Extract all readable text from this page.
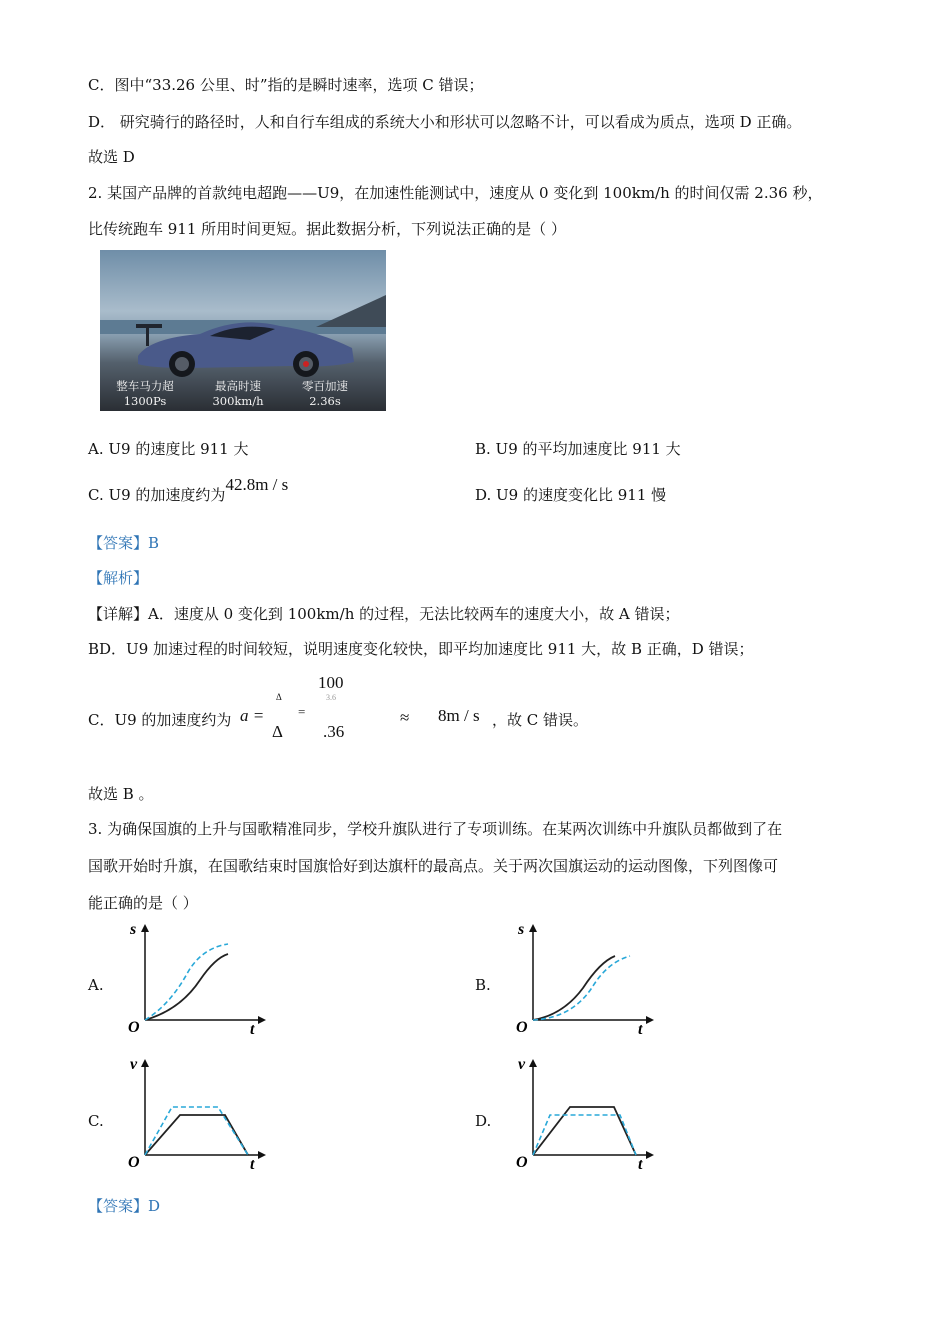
C．图中“33.26 公里、时”指的是瞬时速率，选项 C 错误；
D． 研究骑行的路径时，人和自行车组成的系统大小和形状可以忽略不计，可以看成为质点，选项 D 正确。
故选 D
2. 某国产品牌的首款纯电超跑——U9，在加速性能测试中，速度从 0 变化到 100km/h 的时间仅需 2.36 秒，
比传统跑车 911 所用时间更短。据此数据分析，下列说法正确的是（ ）
整车马力超
1300Ps
最高时速
300km/h
零百加速
2.36s
A. U9 的速度比 911 大	B. U9 的平均加速度比 911 大
C. U9 的加速度约为42.8m / s
D. U9 的速度变化比 911 慢
【答案】B
【解析】
【详解】A．速度从 0 变化到 100km/h 的过程，无法比较两车的速度大小，故 A 错误；
BD．U9 加速过程的时间较短，说明速度变化较快，即平均加速度比 911 大，故 B 正确，D 错误；
C．U9 的加速度约为 a =
Δ
Δ
=
100
3.6
.36
≈ 8m / s ，故 C 错误。
故选 B 。
3. 为确保国旗的上升与国歌精准同步，学校升旗队进行了专项训练。在某两次训练中升旗队员都做到了在
国歌开始时升旗，在国歌结束时国旗恰好到达旗杆的最高点。关于两次国旗运动的运动图像，下列图像可
能正确的是（ ）
A.
O	t
s
B.
O	t
s
C.
O	t
v
D.
O	t
v
【答案】D
